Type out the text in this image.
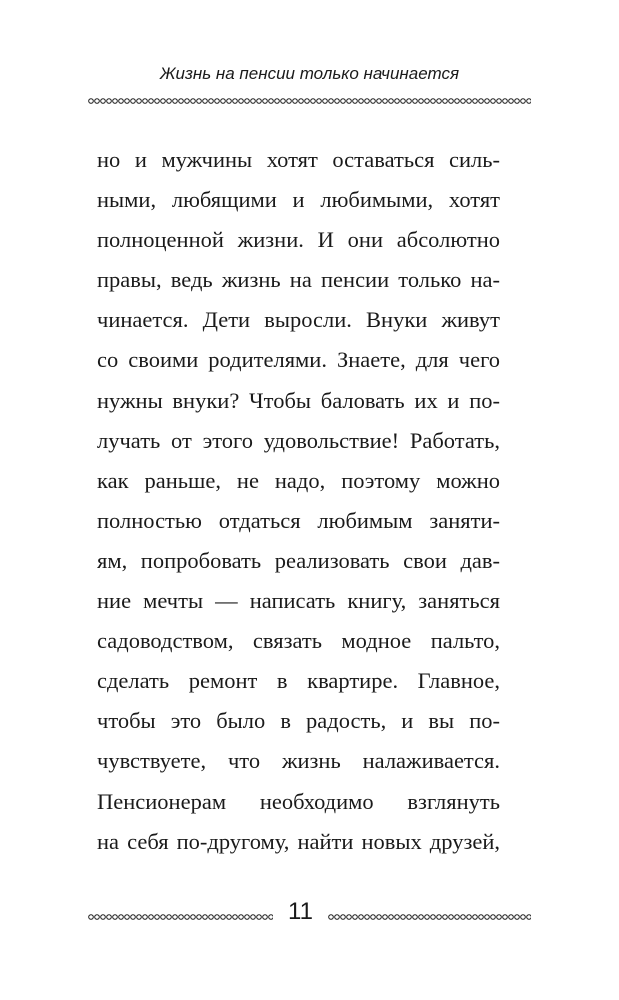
Жизнь на пенсии только начинается
но и мужчины хотят оставаться силь-
ными, любящими и любимыми, хотят
полноценной жизни. И они абсолютно
правы, ведь жизнь на пенсии только на-
чинается. Дети выросли. Внуки живут
со своими родителями. Знаете, для чего
нужны внуки? Чтобы баловать их и по-
лучать от этого удовольствие! Работать,
как раньше, не надо, поэтому можно
полностью отдаться любимым заняти-
ям, попробовать реализовать свои дав-
ние мечты — написать книгу, заняться
садоводством, связать модное пальто,
сделать ремонт в квартире. Главное,
чтобы это было в радость, и вы по-
чувствуете, что жизнь налаживается.
Пенсионерам необходимо взглянуть
на себя по-другому, найти новых друзей,
11
